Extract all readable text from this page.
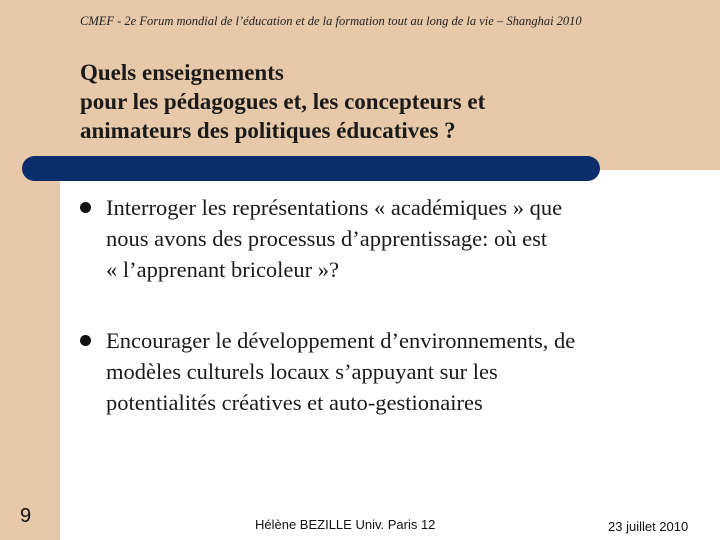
CMEF - 2e Forum mondial de l’éducation et de la formation tout au long de la vie – Shanghai 2010
Quels enseignements
pour les pédagogues et, les concepteurs et
animateurs des politiques éducatives ?
Interroger les représentations « académiques » que
nous avons des processus d’apprentissage: où est
« l’apprenant bricoleur »?
Encourager le développement d’environnements, de
modèles culturels locaux s’appuyant sur les
potentialités créatives et auto-gestionaires
9	Hélène BEZILLE Univ. Paris 12	23 juillet 2010
